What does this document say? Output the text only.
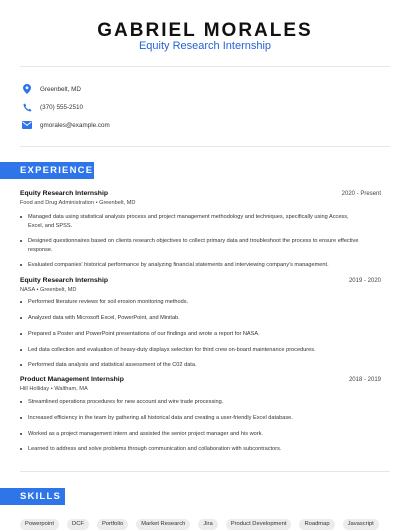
GABRIEL MORALES
Equity Research Internship
Greenbelt, MD
(370) 555-2510
gmorales@example.com
EXPERIENCE
Equity Research Internship	2020 - Present
Food and Drug Administration • Greenbelt, MD
Managed data using statistical analysis process and project management methodology and techniques, specifically using Access, Excel, and SPSS.
Designed questionnaires based on clients research objectives to collect primary data and troubleshoot the process to ensure effective response.
Evaluated companies' historical performance by analyzing financial statements and interviewing company's management.
Equity Research Internship	2019 - 2020
NASA • Greenbelt, MD
Performed literature reviews for soil erosion monitoring methods.
Analyzed data with Microsoft Excel, PowerPoint, and Minitab.
Prepared a Poster and PowerPoint presentations of our findings and wrote a report for NASA.
Led data collection and evaluation of heavy-duty displays selection for third crew on-board maintenance procedures.
Performed data analysis and statistical assessment of the C02 data.
Product Management Internship	2018 - 2019
Hill Holliday • Waltham, MA
Streamlined operations procedures for new account and wire trade processing.
Increased efficiency in the team by gathering all historical data and creating a user-friendly Excel database.
Worked as a project management intern and assisted the senior project manager and his work.
Learned to address and solve problems through communication and collaboration with subcontractors.
SKILLS
Powerpoint	DCF	Portfolio	Market Research	Jira	Product Development	Roadmap	Javascript
